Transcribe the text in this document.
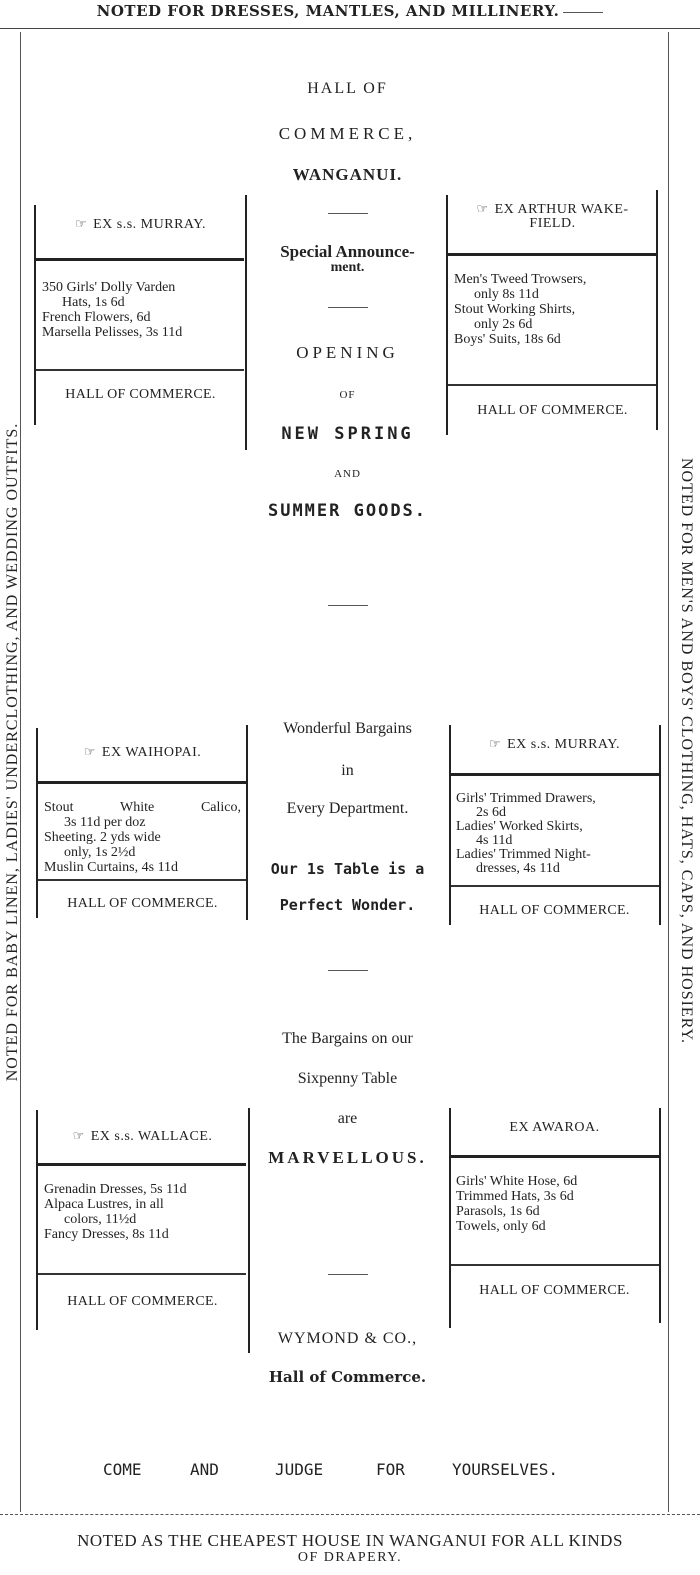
NOTED FOR DRESSES, MANTLES, AND MILLINERY.
NOTED FOR BABY LINEN, LADIES' UNDERCLOTHING, AND WEDDING OUTFITS.	NOTED FOR MEN'S AND BOYS' CLOTHING, HATS, CAPS, AND HOSIERY.
HALL OF
COMMERCE,
WANGANUI.
Special Announce-
ment.
OPENING
OF
NEW SPRING
AND
SUMMER GOODS.
Wonderful Bargains
in
Every Department.
Our 1s Table is a
Perfect Wonder.
The Bargains on our
Sixpenny Table
are
MARVELLOUS.
WYMOND & CO.,
Hall of Commerce.
COME	AND	JUDGE	FOR	YOURSELVES.
☞ EX s.s. MURRAY.
350 Girls' Dolly Varden
Hats, 1s 6d
French Flowers, 6d
Marsella Pelisses, 3s 11d
HALL OF COMMERCE.
☞ EX ARTHUR WAKE-
FIELD.
Men's Tweed Trowsers,
only 8s 11d
Stout Working Shirts,
only 2s 6d
Boys' Suits, 18s 6d
HALL OF COMMERCE.
☞ EX WAIHOPAI.
Stout White Calico,
3s 11d per doz
Sheeting. 2 yds wide
only, 1s 2½d
Muslin Curtains, 4s 11d
HALL OF COMMERCE.
☞ EX s.s. MURRAY.
Girls' Trimmed Drawers,
2s 6d
Ladies' Worked Skirts,
4s 11d
Ladies' Trimmed Night-
dresses, 4s 11d
HALL OF COMMERCE.
☞ EX s.s. WALLACE.
Grenadin Dresses, 5s 11d
Alpaca Lustres, in all
colors, 11½d
Fancy Dresses, 8s 11d
HALL OF COMMERCE.
EX AWAROA.
Girls' White Hose, 6d
Trimmed Hats, 3s 6d
Parasols, 1s 6d
Towels, only 6d
HALL OF COMMERCE.
NOTED AS THE CHEAPEST HOUSE IN WANGANUI FOR ALL KINDS
OF DRAPERY.
